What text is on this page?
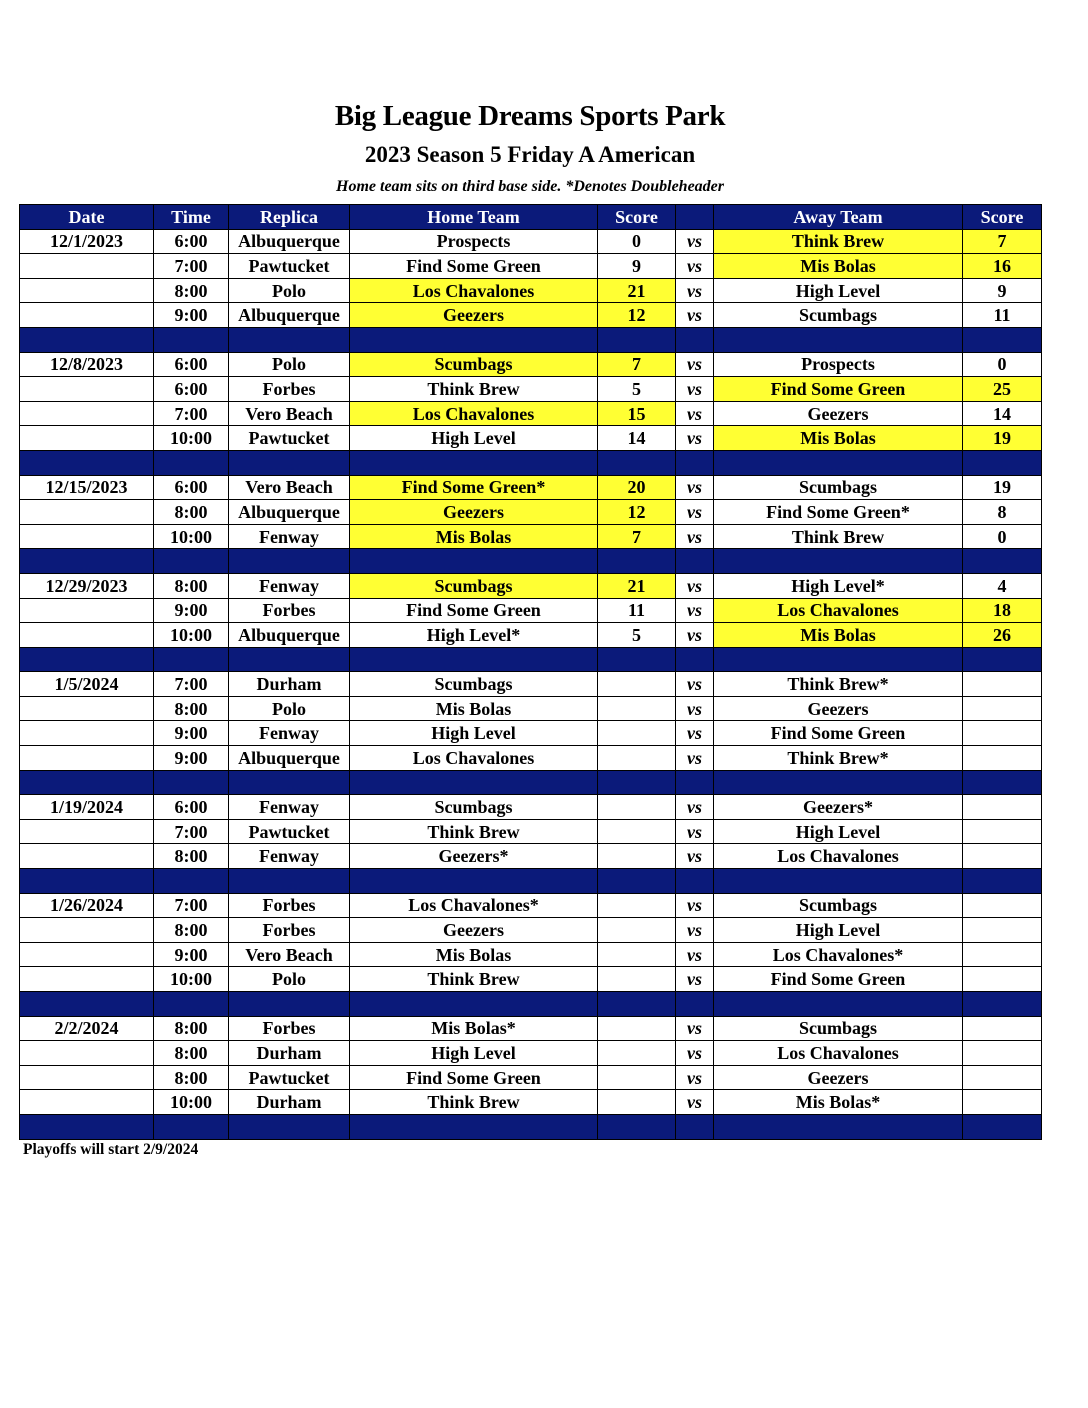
Big League Dreams Sports Park
2023 Season 5 Friday A American
Home team sits on third base side. *Denotes Doubleheader
Date	Time	Replica	Home Team	Score		Away Team	Score
12/1/2023	6:00	Albuquerque	Prospects	0	vs	Think Brew	7
	7:00	Pawtucket	Find Some Green	9	vs	Mis Bolas	16
	8:00	Polo	Los Chavalones	21	vs	High Level	9
	9:00	Albuquerque	Geezers	12	vs	Scumbags	11

12/8/2023	6:00	Polo	Scumbags	7	vs	Prospects	0
	6:00	Forbes	Think Brew	5	vs	Find Some Green	25
	7:00	Vero Beach	Los Chavalones	15	vs	Geezers	14
	10:00	Pawtucket	High Level	14	vs	Mis Bolas	19

12/15/2023	6:00	Vero Beach	Find Some Green*	20	vs	Scumbags	19
	8:00	Albuquerque	Geezers	12	vs	Find Some Green*	8
	10:00	Fenway	Mis Bolas	7	vs	Think Brew	0

12/29/2023	8:00	Fenway	Scumbags	21	vs	High Level*	4
	9:00	Forbes	Find Some Green	11	vs	Los Chavalones	18
	10:00	Albuquerque	High Level*	5	vs	Mis Bolas	26

1/5/2024	7:00	Durham	Scumbags		vs	Think Brew*	
	8:00	Polo	Mis Bolas		vs	Geezers	
	9:00	Fenway	High Level		vs	Find Some Green	
	9:00	Albuquerque	Los Chavalones		vs	Think Brew*	

1/19/2024	6:00	Fenway	Scumbags		vs	Geezers*	
	7:00	Pawtucket	Think Brew		vs	High Level	
	8:00	Fenway	Geezers*		vs	Los Chavalones	

1/26/2024	7:00	Forbes	Los Chavalones*		vs	Scumbags	
	8:00	Forbes	Geezers		vs	High Level	
	9:00	Vero Beach	Mis Bolas		vs	Los Chavalones*	
	10:00	Polo	Think Brew		vs	Find Some Green	

2/2/2024	8:00	Forbes	Mis Bolas*		vs	Scumbags	
	8:00	Durham	High Level		vs	Los Chavalones	
	8:00	Pawtucket	Find Some Green		vs	Geezers	
	10:00	Durham	Think Brew		vs	Mis Bolas*	

Playoffs will start 2/9/2024
